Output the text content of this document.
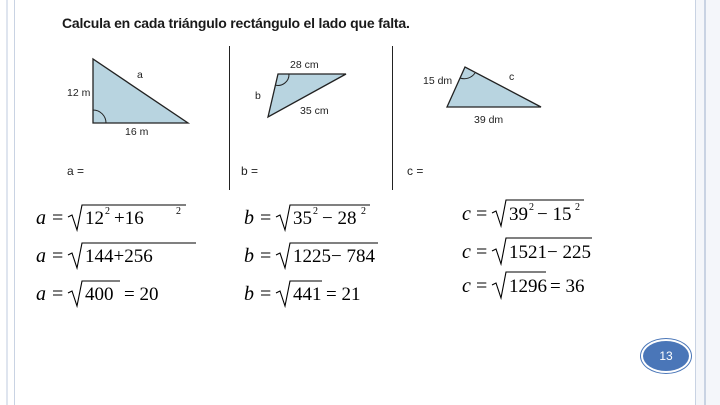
Calcula en cada triángulo rectángulo el lado que falta.
a
12 m
16 m
a =
28 cm
b
35 cm
b =
15 dm	c
39 dm
c =
a = 12 2 +16	2
a = 144+256
a = 400 = 20
b = 35 2 − 28 2
b = 1225− 784
b = 441 = 21
c = 39 2 − 15 2
c = 1521− 225
c = 1296 = 36
13
